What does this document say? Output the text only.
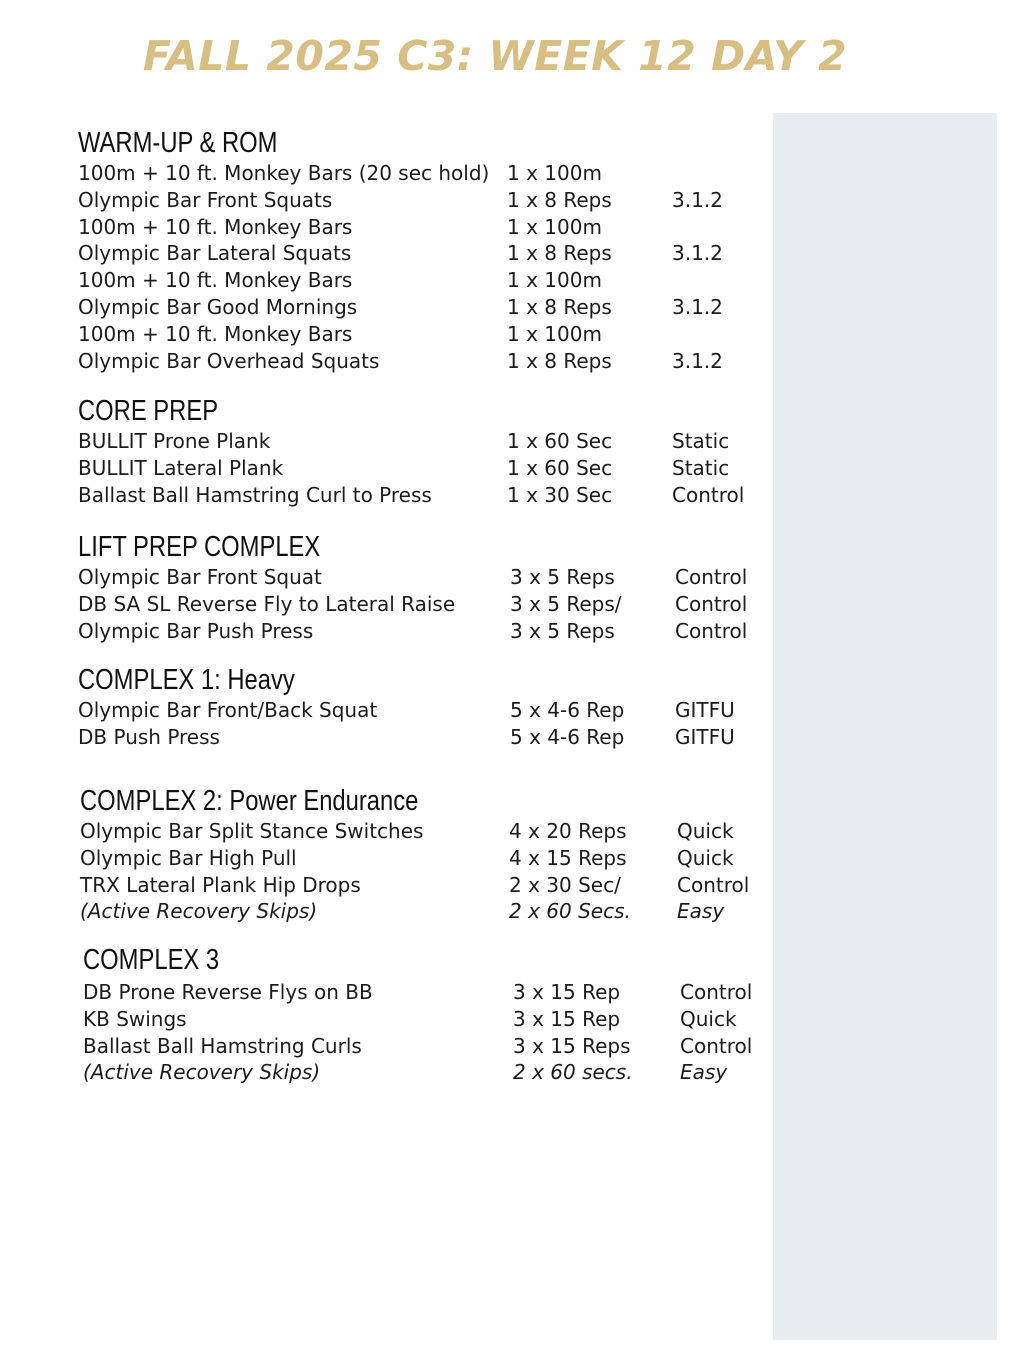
FALL 2025 C3: WEEK 12 DAY 2
WARM-UP & ROM
100m + 10 ft. Monkey Bars (20 sec hold) 1 x 100m
Olympic Bar Front Squats	1 x 8 Reps	3.1.2
100m + 10 ft. Monkey Bars	1 x 100m
Olympic Bar Lateral Squats	1 x 8 Reps	3.1.2
100m + 10 ft. Monkey Bars	1 x 100m
Olympic Bar Good Mornings	1 x 8 Reps	3.1.2
100m + 10 ft. Monkey Bars	1 x 100m
Olympic Bar Overhead Squats	1 x 8 Reps	3.1.2
CORE PREP
BULLIT Prone Plank	1 x 60 Sec	Static
BULLIT Lateral Plank	1 x 60 Sec	Static
Ballast Ball Hamstring Curl to Press	1 x 30 Sec	Control
LIFT PREP COMPLEX
Olympic Bar Front Squat	3 x 5 Reps	Control
DB SA SL Reverse Fly to Lateral Raise	3 x 5 Reps/	Control
Olympic Bar Push Press	3 x 5 Reps	Control
COMPLEX 1: Heavy
Olympic Bar Front/Back Squat	5 x 4-6 Rep	GITFU
DB Push Press	5 x 4-6 Rep	GITFU
COMPLEX 2: Power Endurance
Olympic Bar Split Stance Switches	4 x 20 Reps	Quick
Olympic Bar High Pull	4 x 15 Reps	Quick
TRX Lateral Plank Hip Drops	2 x 30 Sec/	Control
(Active Recovery Skips)	2 x 60 Secs. Easy
COMPLEX 3
DB Prone Reverse Flys on BB	3 x 15 Rep	Control
KB Swings	3 x 15 Rep	Quick
Ballast Ball Hamstring Curls	3 x 15 Reps Control
(Active Recovery Skips)	2 x 60 secs. Easy
